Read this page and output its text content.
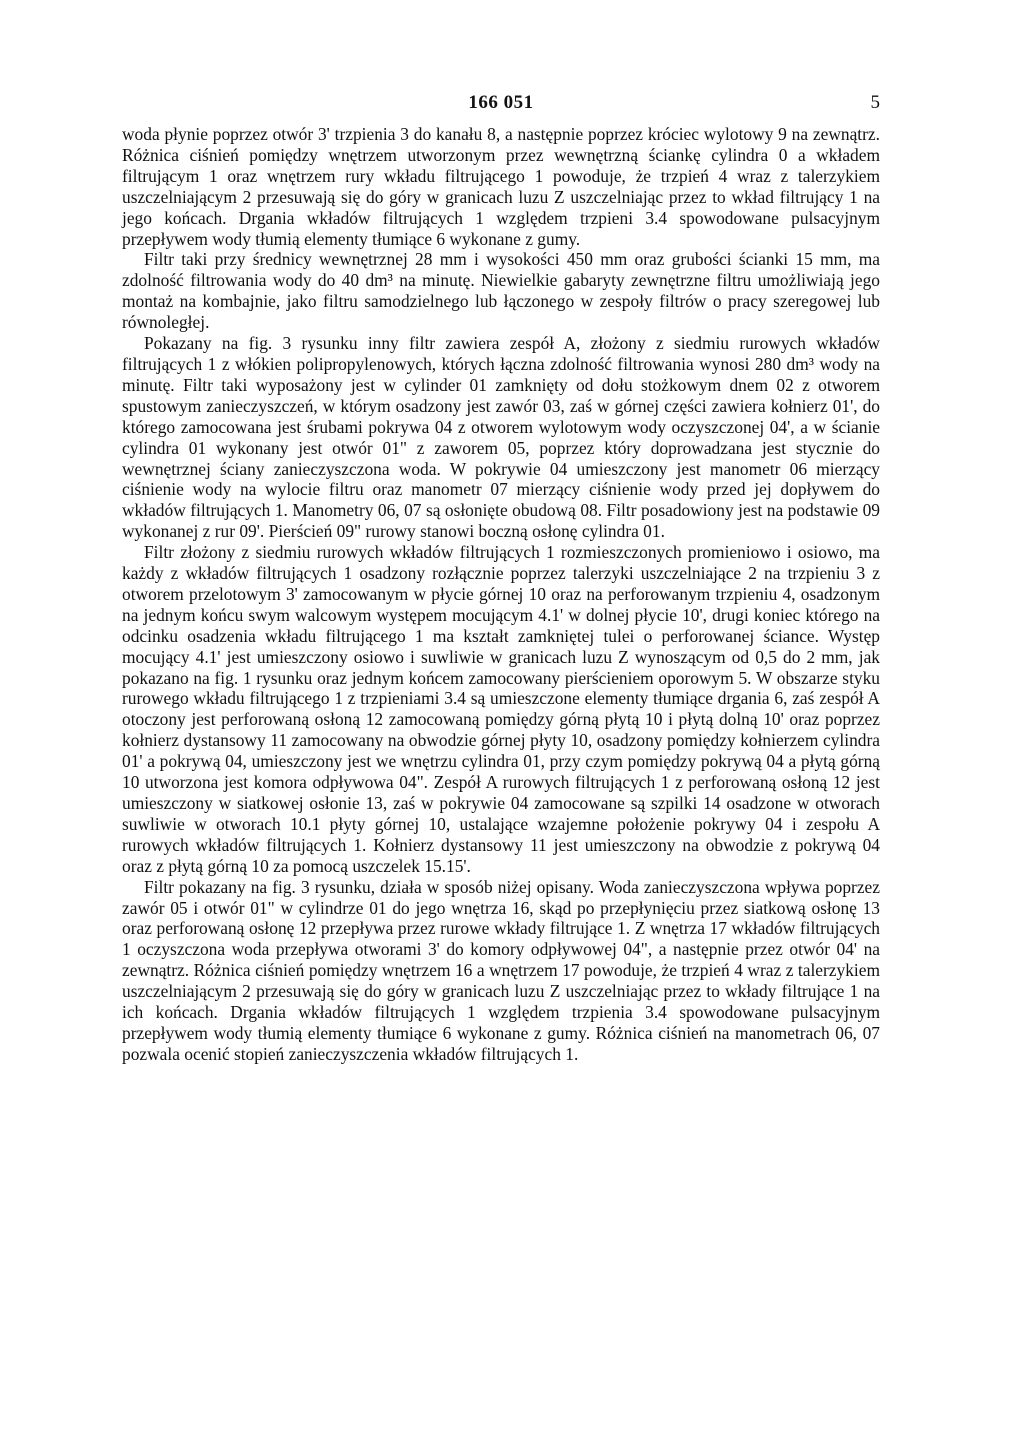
166 051	5

woda płynie poprzez otwór 3' trzpienia 3 do kanału 8, a następnie poprzez króciec wylotowy 9 na zewnątrz. Różnica ciśnień pomiędzy wnętrzem utworzonym przez wewnętrzną ściankę cylindra 0 a wkładem filtrującym 1 oraz wnętrzem rury wkładu filtrującego 1 powoduje, że trzpień 4 wraz z talerzykiem uszczelniającym 2 przesuwają się do góry w granicach luzu Z uszczelniając przez to wkład filtrujący 1 na jego końcach. Drgania wkładów filtrujących 1 względem trzpieni 3.4 spowodowane pulsacyjnym przepływem wody tłumią elementy tłumiące 6 wykonane z gumy.

Filtr taki przy średnicy wewnętrznej 28 mm i wysokości 450 mm oraz grubości ścianki 15 mm, ma zdolność filtrowania wody do 40 dm³ na minutę. Niewielkie gabaryty zewnętrzne filtru umożliwiają jego montaż na kombajnie, jako filtru samodzielnego lub łączonego w zespoły filtrów o pracy szeregowej lub równoległej.

Pokazany na fig. 3 rysunku inny filtr zawiera zespół A, złożony z siedmiu rurowych wkładów filtrujących 1 z włókien polipropylenowych, których łączna zdolność filtrowania wynosi 280 dm³ wody na minutę. Filtr taki wyposażony jest w cylinder 01 zamknięty od dołu stożkowym dnem 02 z otworem spustowym zanieczyszczeń, w którym osadzony jest zawór 03, zaś w górnej części zawiera kołnierz 01', do którego zamocowana jest śrubami pokrywa 04 z otworem wylotowym wody oczyszczonej 04', a w ścianie cylindra 01 wykonany jest otwór 01" z zaworem 05, poprzez który doprowadzana jest stycznie do wewnętrznej ściany zanieczyszczona woda. W pokrywie 04 umieszczony jest manometr 06 mierzący ciśnienie wody na wylocie filtru oraz manometr 07 mierzący ciśnienie wody przed jej dopływem do wkładów filtrujących 1. Manometry 06, 07 są osłonięte obudową 08. Filtr posadowiony jest na podstawie 09 wykonanej z rur 09'. Pierścień 09" rurowy stanowi boczną osłonę cylindra 01.

Filtr złożony z siedmiu rurowych wkładów filtrujących 1 rozmieszczonych promieniowo i osiowo, ma każdy z wkładów filtrujących 1 osadzony rozłącznie poprzez talerzyki uszczelniające 2 na trzpieniu 3 z otworem przelotowym 3' zamocowanym w płycie górnej 10 oraz na perforowanym trzpieniu 4, osadzonym na jednym końcu swym walcowym występem mocującym 4.1' w dolnej płycie 10', drugi koniec którego na odcinku osadzenia wkładu filtrującego 1 ma kształt zamkniętej tulei o perforowanej ściance. Występ mocujący 4.1' jest umieszczony osiowo i suwliwie w granicach luzu Z wynoszącym od 0,5 do 2 mm, jak pokazano na fig. 1 rysunku oraz jednym końcem zamocowany pierścieniem oporowym 5. W obszarze styku rurowego wkładu filtrującego 1 z trzpieniami 3.4 są umieszczone elementy tłumiące drgania 6, zaś zespół A otoczony jest perforowaną osłoną 12 zamocowaną pomiędzy górną płytą 10 i płytą dolną 10' oraz poprzez kołnierz dystansowy 11 zamocowany na obwodzie górnej płyty 10, osadzony pomiędzy kołnierzem cylindra 01' a pokrywą 04, umieszczony jest we wnętrzu cylindra 01, przy czym pomiędzy pokrywą 04 a płytą górną 10 utworzona jest komora odpływowa 04". Zespół A rurowych filtrujących 1 z perforowaną osłoną 12 jest umieszczony w siatkowej osłonie 13, zaś w pokrywie 04 zamocowane są szpilki 14 osadzone w otworach suwliwie w otworach 10.1 płyty górnej 10, ustalające wzajemne położenie pokrywy 04 i zespołu A rurowych wkładów filtrujących 1. Kołnierz dystansowy 11 jest umieszczony na obwodzie z pokrywą 04 oraz z płytą górną 10 za pomocą uszczelek 15.15'.

Filtr pokazany na fig. 3 rysunku, działa w sposób niżej opisany. Woda zanieczyszczona wpływa poprzez zawór 05 i otwór 01" w cylindrze 01 do jego wnętrza 16, skąd po przepłynięciu przez siatkową osłonę 13 oraz perforowaną osłonę 12 przepływa przez rurowe wkłady filtrujące 1. Z wnętrza 17 wkładów filtrujących 1 oczyszczona woda przepływa otworami 3' do komory odpływowej 04", a następnie przez otwór 04' na zewnątrz. Różnica ciśnień pomiędzy wnętrzem 16 a wnętrzem 17 powoduje, że trzpień 4 wraz z talerzykiem uszczelniającym 2 przesuwają się do góry w granicach luzu Z uszczelniając przez to wkłady filtrujące 1 na ich końcach. Drgania wkładów filtrujących 1 względem trzpienia 3.4 spowodowane pulsacyjnym przepływem wody tłumią elementy tłumiące 6 wykonane z gumy. Różnica ciśnień na manometrach 06, 07 pozwala ocenić stopień zanieczyszczenia wkładów filtrujących 1.
